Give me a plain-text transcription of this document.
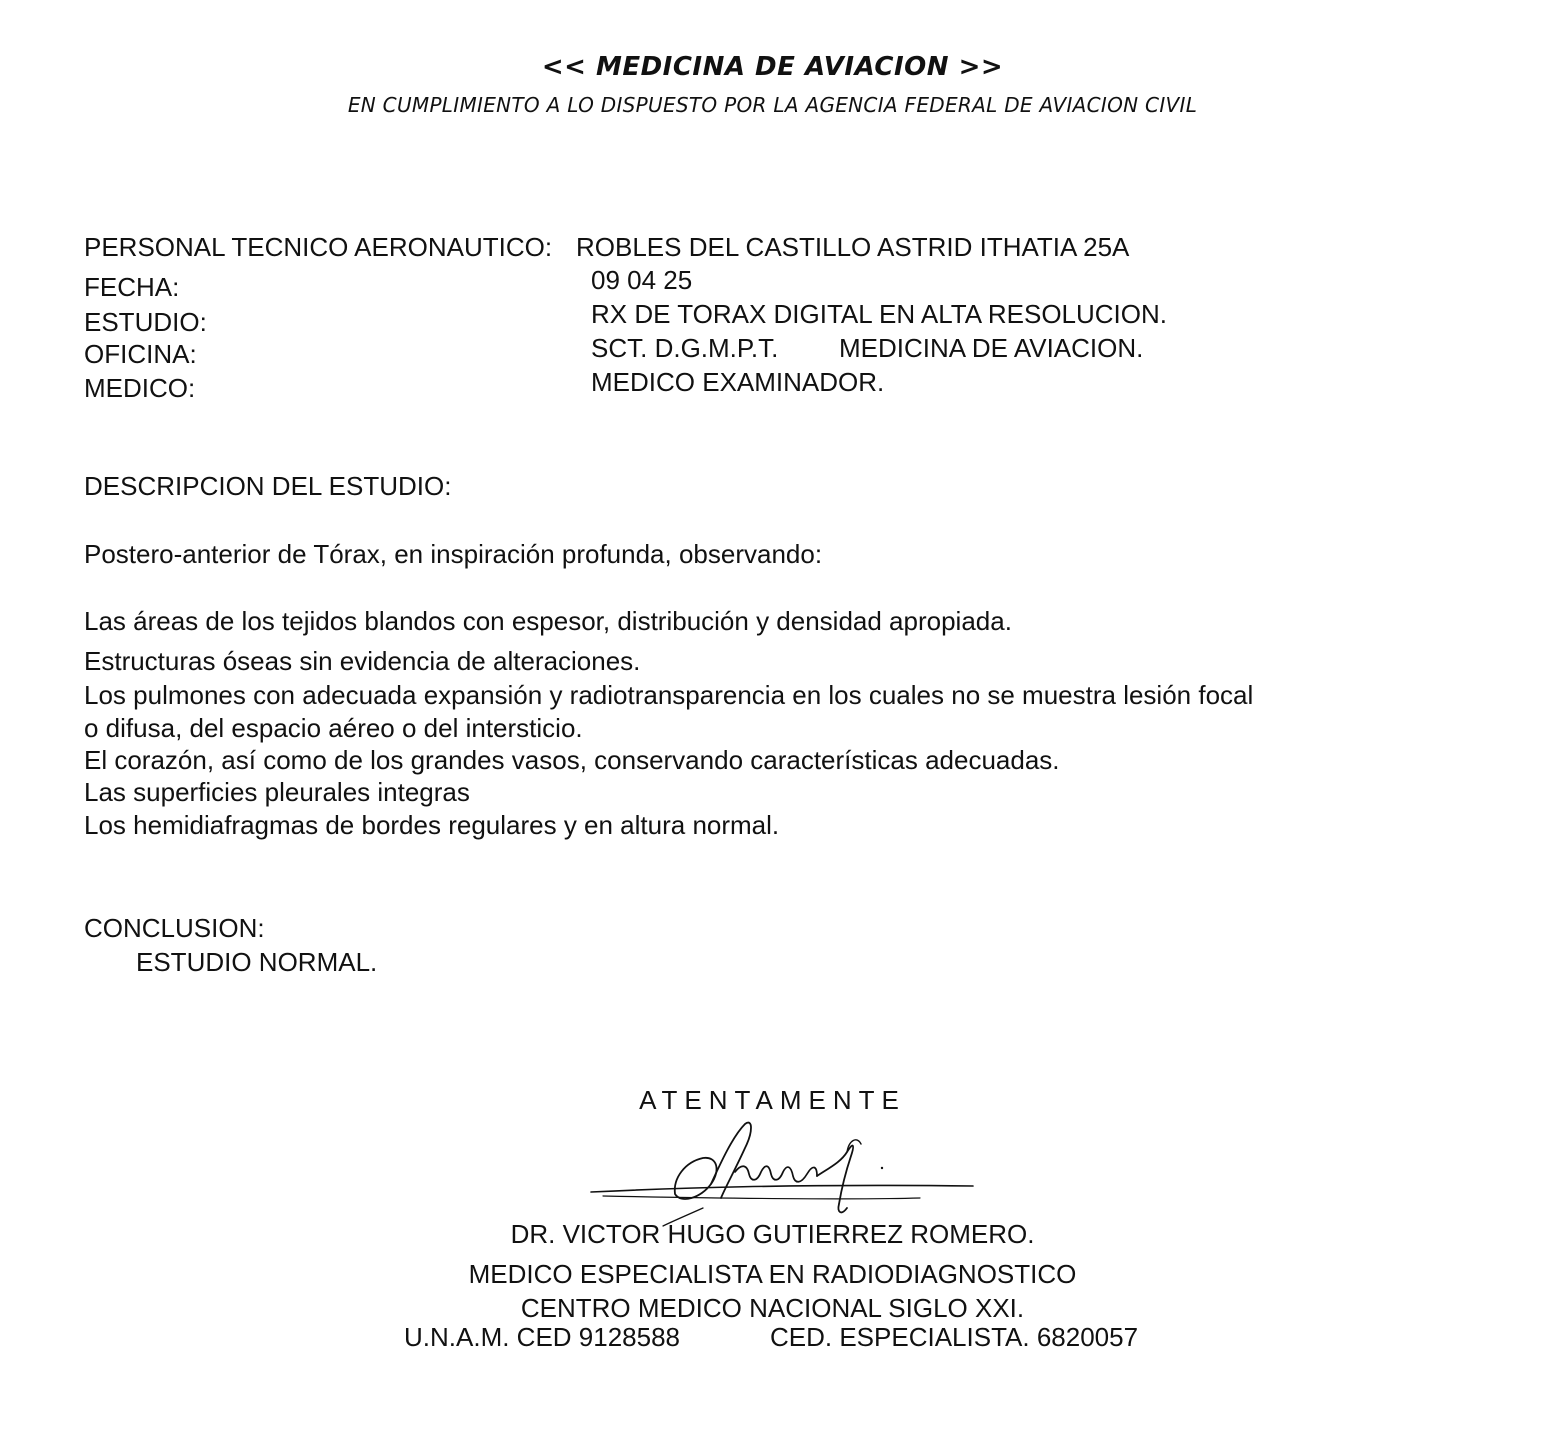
<< MEDICINA DE AVIACION >>
EN CUMPLIMIENTO A LO DISPUESTO POR LA AGENCIA FEDERAL DE AVIACION CIVIL
PERSONAL TECNICO AERONAUTICO: ROBLES DEL CASTILLO ASTRID ITHATIA 25A
FECHA:	09 04 25
ESTUDIO:	RX DE TORAX DIGITAL EN ALTA RESOLUCION.
OFICINA:	SCT. D.G.M.P.T. MEDICINA DE AVIACION.
MEDICO:	MEDICO EXAMINADOR.
DESCRIPCION DEL ESTUDIO:
Postero-anterior de Tórax, en inspiración profunda, observando:
Las áreas de los tejidos blandos con espesor, distribución y densidad apropiada.
Estructuras óseas sin evidencia de alteraciones.
Los pulmones con adecuada expansión y radiotransparencia en los cuales no se muestra lesión focal
o difusa, del espacio aéreo o del intersticio.
El corazón, así como de los grandes vasos, conservando características adecuadas.
Las superficies pleurales integras
Los hemidiafragmas de bordes regulares y en altura normal.
CONCLUSION:
ESTUDIO NORMAL.
ATENTAMENTE
DR. VICTOR HUGO GUTIERREZ ROMERO.
MEDICO ESPECIALISTA EN RADIODIAGNOSTICO
CENTRO MEDICO NACIONAL SIGLO XXI.
U.N.A.M. CED 9128588	CED. ESPECIALISTA. 6820057
